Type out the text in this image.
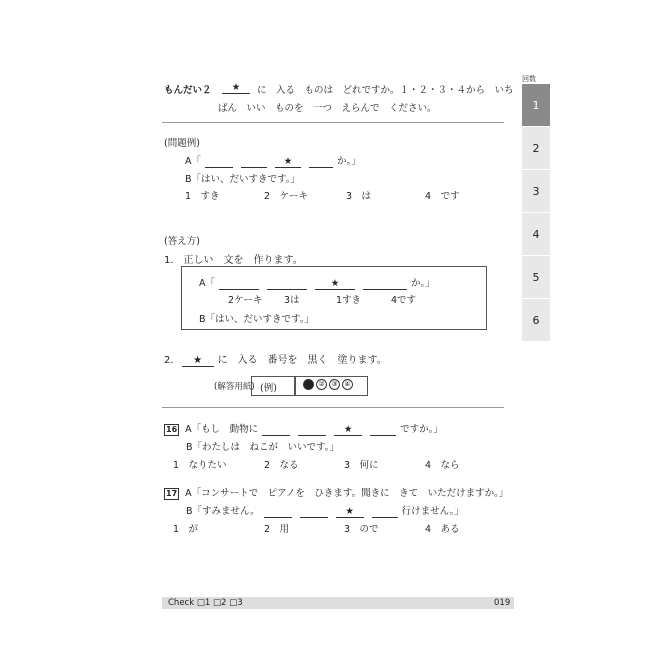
もんだい２	★	に　入る　ものは　どれですか。１・２・３・４から　いち
ばん　いい　ものを　一つ　えらんで　ください。
回数
1
2
3
4
5
6
(問題例)
A「	★	か。」
B「はい、だいすきです。」
1　すき	2　ケーキ	3　は	4　です
(答え方)
1.　正しい　文を　作ります。
A「	★	か。」
2ケーキ 3は	1すき	4です
B「はい、だいすきです。」
2. ★ に　入る　番号を　黒く　塗ります。
(解答用紙) (例)	② ③ ④
16 A「もし　動物に	★	ですか。」
B「わたしは　ねこが　いいです。」
1　なりたい	2　なる	3　何に	4　なら
17 A「コンサートで　ピアノを　ひきます。聞きに　きて　いただけますか。」
B「すみません。	★	行けません。」
1　が	2　用	3　ので	4　ある
Check □1 □2 □3	019
